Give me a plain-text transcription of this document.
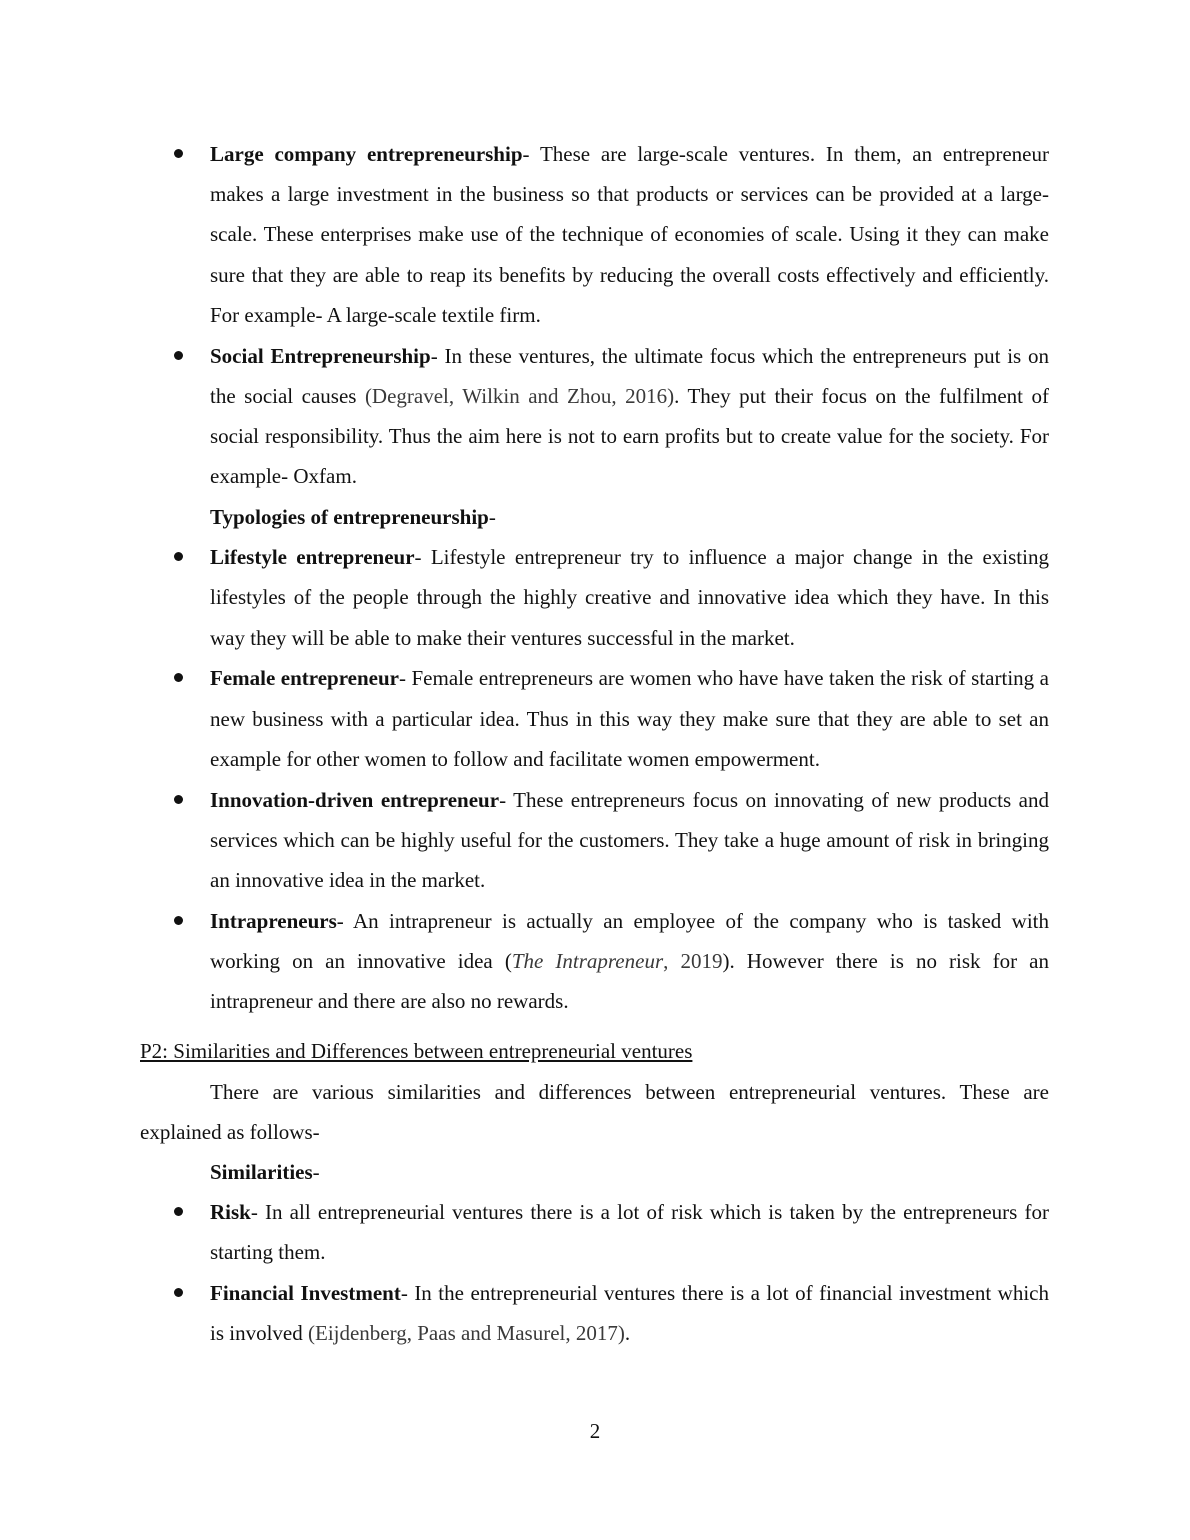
Large company entrepreneurship- These are large-scale ventures. In them, an entrepreneur makes a large investment in the business so that products or services can be provided at a large-scale. These enterprises make use of the technique of economies of scale. Using it they can make sure that they are able to reap its benefits by reducing the overall costs effectively and efficiently. For example- A large-scale textile firm.
Social Entrepreneurship- In these ventures, the ultimate focus which the entrepreneurs put is on the social causes (Degravel, Wilkin and Zhou, 2016). They put their focus on the fulfilment of social responsibility. Thus the aim here is not to earn profits but to create value for the society. For example- Oxfam.
Typologies of entrepreneurship-
Lifestyle entrepreneur- Lifestyle entrepreneur try to influence a major change in the existing lifestyles of the people through the highly creative and innovative idea which they have. In this way they will be able to make their ventures successful in the market.
Female entrepreneur- Female entrepreneurs are women who have have taken the risk of starting a new business with a particular idea. Thus in this way they make sure that they are able to set an example for other women to follow and facilitate women empowerment.
Innovation-driven entrepreneur- These entrepreneurs focus on innovating of new products and services which can be highly useful for the customers. They take a huge amount of risk in bringing an innovative idea in the market.
Intrapreneurs- An intrapreneur is actually an employee of the company who is tasked with working on an innovative idea (The Intrapreneur, 2019). However there is no risk for an intrapreneur and there are also no rewards.
P2: Similarities and Differences between entrepreneurial ventures
There are various similarities and differences between entrepreneurial ventures. These are explained as follows-
Similarities-
Risk- In all entrepreneurial ventures there is a lot of risk which is taken by the entrepreneurs for starting them.
Financial Investment- In the entrepreneurial ventures there is a lot of financial investment which is involved (Eijdenberg, Paas and Masurel, 2017).
2
